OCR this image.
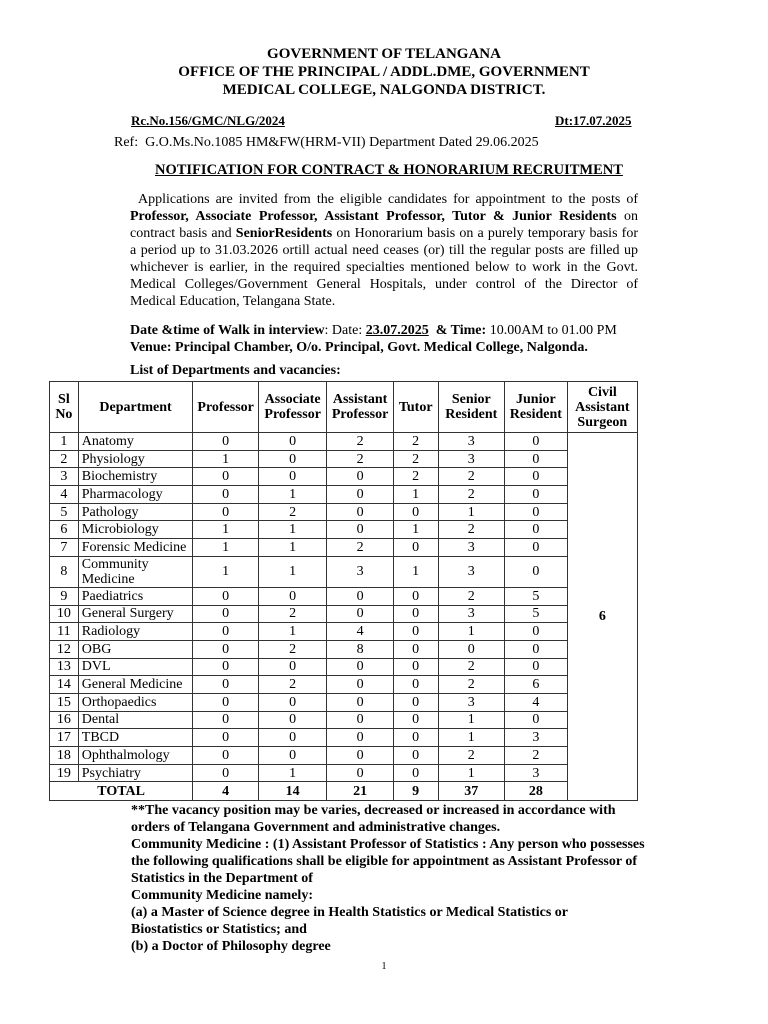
GOVERNMENT OF TELANGANA
OFFICE OF THE PRINCIPAL / ADDL.DME, GOVERNMENT
MEDICAL COLLEGE, NALGONDA DISTRICT.
Rc.No.156/GMC/NLG/2024	Dt:17.07.2025
Ref:  G.O.Ms.No.1085 HM&FW(HRM-VII) Department Dated 29.06.2025
NOTIFICATION FOR CONTRACT & HONORARIUM RECRUITMENT
Applications are invited from the eligible candidates for appointment to the posts of Professor, Associate Professor, Assistant Professor, Tutor & Junior Residents on contract basis and SeniorResidents on Honorarium basis on a purely temporary basis for a period up to 31.03.2026 ortill actual need ceases (or) till the regular posts are filled up whichever is earlier, in the required specialties mentioned below to work in the Govt. Medical Colleges/Government General Hospitals, under control of the Director of Medical Education, Telangana State.
Date &time of Walk in interview: Date: 23.07.2025  & Time: 10.00AM to 01.00 PM
Venue: Principal Chamber, O/o. Principal, Govt. Medical College, Nalgonda.
List of Departments and vacancies:
Sl No	Department	Professor	Associate Professor	Assistant Professor	Tutor	Senior Resident	Junior Resident	Civil Assistant Surgeon
1	Anatomy	0	0	2	2	3	0	6
2	Physiology	1	0	2	2	3	0	
3	Biochemistry	0	0	0	2	2	0	
4	Pharmacology	0	1	0	1	2	0	
5	Pathology	0	2	0	0	1	0	
6	Microbiology	1	1	0	1	2	0	
7	Forensic Medicine	1	1	2	0	3	0	
8	Community Medicine	1	1	3	1	3	0	
9	Paediatrics	0	0	0	0	2	5	
10	General Surgery	0	2	0	0	3	5	
11	Radiology	0	1	4	0	1	0	
12	OBG	0	2	8	0	0	0	
13	DVL	0	0	0	0	2	0	
14	General Medicine	0	2	0	0	2	6	
15	Orthopaedics	0	0	0	0	3	4	
16	Dental	0	0	0	0	1	0	
17	TBCD	0	0	0	0	1	3	
18	Ophthalmology	0	0	0	0	2	2	
19	Psychiatry	0	1	0	0	1	3	
TOTAL		4	14	21	9	37	28	
**The vacancy position may be varies, decreased or increased in accordance with
orders of Telangana Government and administrative changes.
Community Medicine : (1) Assistant Professor of Statistics : Any person who possesses
the following qualifications shall be eligible for appointment as Assistant Professor of
Statistics in the Department of
Community Medicine namely:
(a) a Master of Science degree in Health Statistics or Medical Statistics or
Biostatistics or Statistics; and
(b) a Doctor of Philosophy degree
1
